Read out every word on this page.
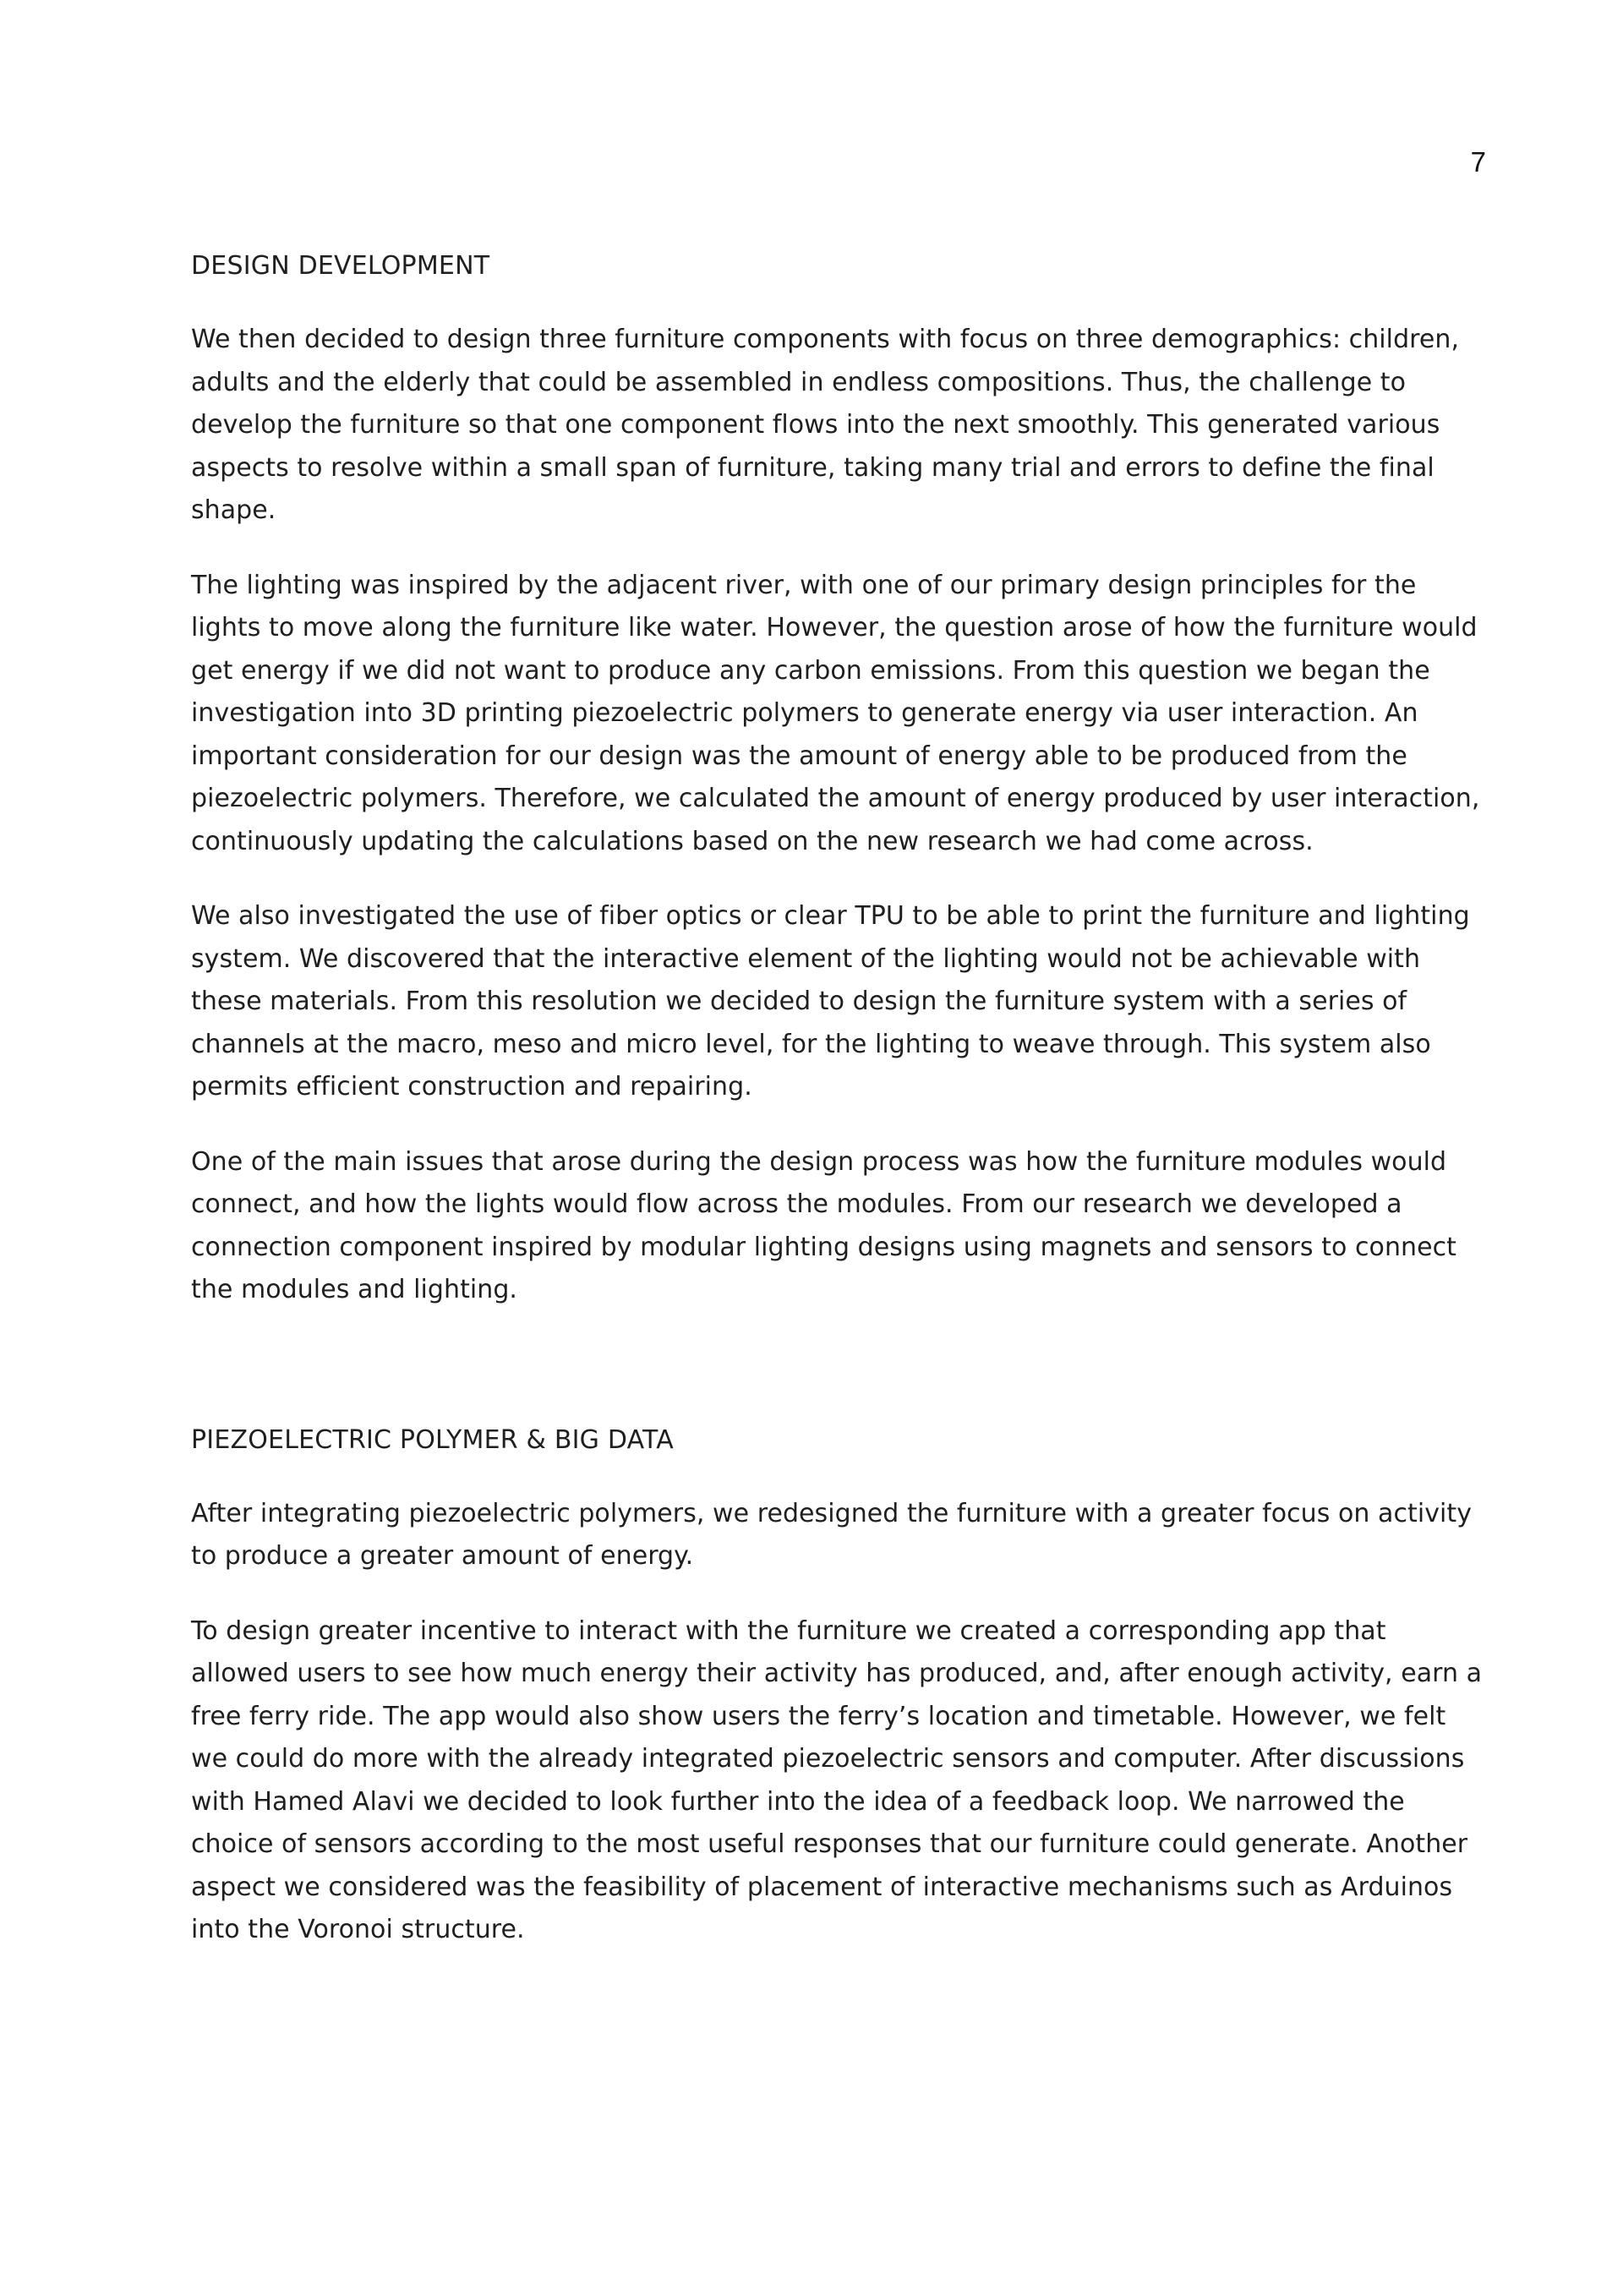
7
DESIGN DEVELOPMENT

We then decided to design three furniture components with focus on three demographics: children, adults and the elderly that could be assembled in endless compositions. Thus, the challenge to develop the furniture so that one component flows into the next smoothly. This generated various aspects to resolve within a small span of furniture, taking many trial and errors to define the final shape.

The lighting was inspired by the adjacent river, with one of our primary design principles for the lights to move along the furniture like water. However, the question arose of how the furniture would get energy if we did not want to produce any carbon emissions. From this question we began the investigation into 3D printing piezoelectric polymers to generate energy via user interaction. An important consideration for our design was the amount of energy able to be produced from the piezoelectric polymers. Therefore, we calculated the amount of energy produced by user interaction, continuously updating the calculations based on the new research we had come across.

We also investigated the use of fiber optics or clear TPU to be able to print the furniture and lighting system. We discovered that the interactive element of the lighting would not be achievable with these materials. From this resolution we decided to design the furniture system with a series of channels at the macro, meso and micro level, for the lighting to weave through. This system also permits efficient construction and repairing.

One of the main issues that arose during the design process was how the furniture modules would connect, and how the lights would flow across the modules. From our research we developed a connection component inspired by modular lighting designs using magnets and sensors to connect the modules and lighting.

PIEZOELECTRIC POLYMER & BIG DATA

After integrating piezoelectric polymers, we redesigned the furniture with a greater focus on activity to produce a greater amount of energy.

To design greater incentive to interact with the furniture we created a corresponding app that allowed users to see how much energy their activity has produced, and, after enough activity, earn a free ferry ride. The app would also show users the ferry’s location and timetable. However, we felt we could do more with the already integrated piezoelectric sensors and computer. After discussions with Hamed Alavi we decided to look further into the idea of a feedback loop. We narrowed the choice of sensors according to the most useful responses that our furniture could generate. Another aspect we considered was the feasibility of placement of interactive mechanisms such as Arduinos into the Voronoi structure.
